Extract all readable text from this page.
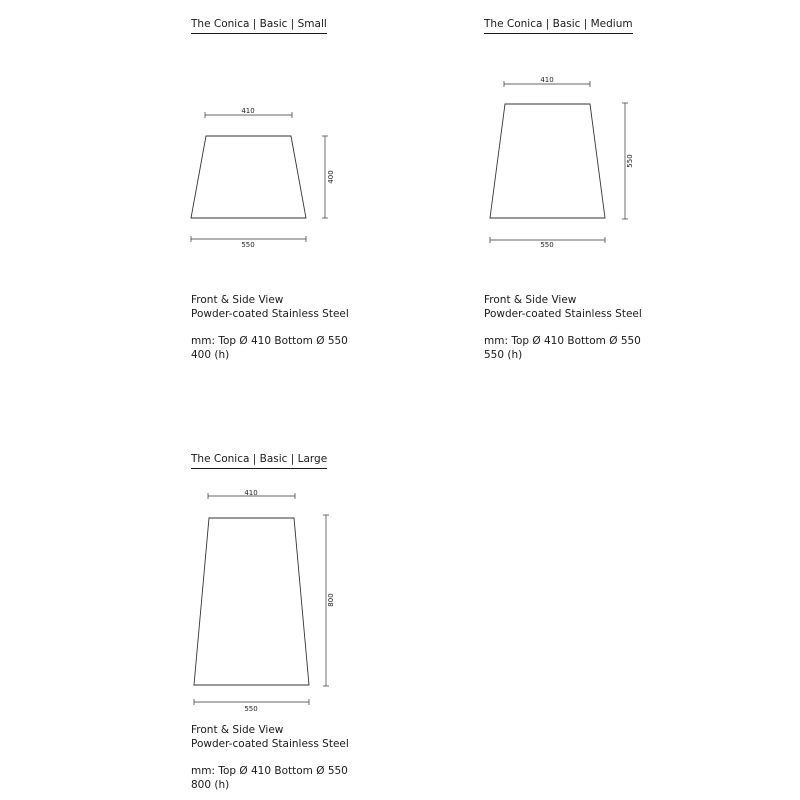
The Conica | Basic | Small
410
400
550
Front & Side View
Powder-coated Stainless Steel
mm: Top Ø 410 Bottom Ø 550
400 (h)
The Conica | Basic | Medium
410
550
550
Front & Side View
Powder-coated Stainless Steel
mm: Top Ø 410 Bottom Ø 550
550 (h)
The Conica | Basic | Large
410
800
550
Front & Side View
Powder-coated Stainless Steel
mm: Top Ø 410 Bottom Ø 550
800 (h)
